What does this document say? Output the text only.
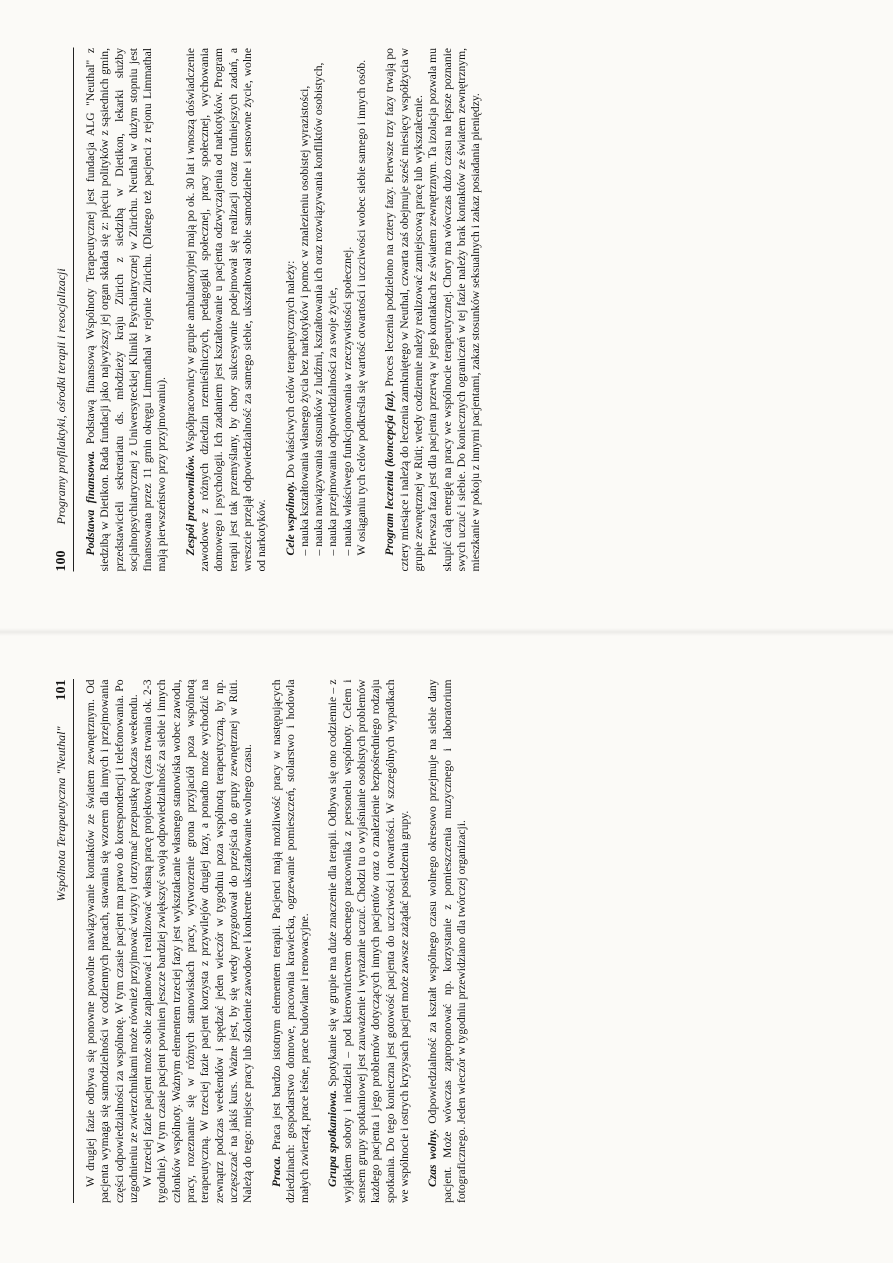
100
Programy profilaktyki, ośrodki terapii i resocjalizacji Podstawa finansowa. Podstawą finansową Wspólnoty Terapeutycznej jest fundacja ALG "Neuthal" z siedzibą w Dietikon. Rada fundacji jako najwyższy jej organ składa się z: pięciu polityków z sąsiednich gmin, przedstawicieli sekretariatu ds. młodzieży kraju Zürich z siedzibą w Dietikon, lekarki służby socjalnopsychiatrycznej z Uniwersyteckiej Kliniki Psychiatrycznej w Zürichu. Neuthal w dużym stopniu jest finansowana przez 11 gmin okręgu Limmathal w rejonie Zürichu. (Dlatego też pacjenci z rejonu Limmathal mają pierwszeństwo przy przyjmowaniu). Zespół pracowników. Współpracownicy w grupie ambulatoryjnej mają po ok. 30 lat i wnoszą doświadczenie zawodowe z różnych dziedzin rzemieślniczych, pedagogiki społecznej, pracy społecznej, wychowania domowego i psychologii. Ich zadaniem jest kształtowanie u pacjenta odzwyczajenia od narkotyków. Program terapii jest tak przemyślany, by chory sukcesywnie podejmował się realizacji coraz trudniejszych zadań, a wreszcie przejął odpowiedzialność za samego siebie, ukształtował sobie samodzielne i sensowne życie, wolne od narkotyków. Cele wspólnoty. Do właściwych celów terapeutycznych należy: – nauka kształtowania własnego życia bez narkotyków i pomoc w znalezieniu osobistej wyrazistości, – nauka nawiązywania stosunków z ludźmi, kształtowania ich oraz rozwiązywania konfliktów osobistych, – nauka przejmowania odpowiedzialności za swoje życie, – nauka właściwego funkcjonowania w rzeczywistości społecznej. W osiąganiu tych celów podkreśla się wartość otwartości i uczciwości wobec siebie samego i innych osób. Program leczenia (koncepcja faz). Proces leczenia podzielono na cztery fazy. Pierwsze trzy fazy trwają po cztery miesiące i należą do leczenia zamkniętego w Neuthal, czwarta zaś obejmuje sześć miesięcy współżycia w grupie zewnętrznej w Rüti; wtedy codziennie należy realizować zamiejscową pracę lub wykształcenie. Pierwsza faza jest dla pacjenta przerwą w jego kontaktach ze światem zewnętrznym. Ta izolacja pozwala mu skupić całą energię na pracy we wspólnocie terapeutycznej. Chory ma wówczas dużo czasu na lepsze poznanie swych uczuć i siebie. Do koniecznych ograniczeń w tej fazie należy brak kontaktów ze światem zewnętrznym, mieszkanie w pokoju z innymi pacjentami, zakaz stosunków seksualnych i zakaz posiadania pieniędzy.

Wspólnota Terapeutyczna "Neuthal"
101 W drugiej fazie odbywa się ponowne powolne nawiązywanie kontaktów ze światem zewnętrznym. Od pacjenta wymaga się samodzielności w codziennych pracach, stawania się wzorem dla innych i przejmowania części odpowiedzialności za wspólnotę. W tym czasie pacjent ma prawo do korespondencji i telefonowania. Po uzgodnieniu ze zwierzchnikami może również przyjmować wizyty i otrzymać przepustkę podczas weekendu. W trzeciej fazie pacjent może sobie zaplanować i realizować własną pracę projektową (czas trwania ok. 2-3 tygodnie). W tym czasie pacjent powinien jeszcze bardziej zwiększyć swoją odpowiedzialność za siebie i innych członków wspólnoty. Ważnym elementem trzeciej fazy jest wykształcanie własnego stanowiska wobec zawodu, pracy, rozeznanie się w różnych stanowiskach pracy, wytworzenie grona przyjaciół poza wspólnotą terapeutyczną. W trzeciej fazie pacjent korzysta z przywilejów drugiej fazy, a ponadto może wychodzić na zewnątrz podczas weekendów i spędzać jeden wieczór w tygodniu poza wspólnotą terapeutyczną, by np. uczęszczać na jakiś kurs. Ważne jest, by się wtedy przygotował do przejścia do grupy zewnętrznej w Rüti. Należą do tego: miejsce pracy lub szkolenie zawodowe i konkretne ukształtowanie wolnego czasu. Praca. Praca jest bardzo istotnym elementem terapii. Pacjenci mają możliwość pracy w następujących dziedzinach: gospodarstwo domowe, pracownia krawiecka, ogrzewanie pomieszczeń, stolarstwo i hodowla małych zwierząt, prace leśne, prace budowlane i renowacyjne. Grupa spotkaniowa. Spotykanie się w grupie ma duże znaczenie dla terapii. Odbywa się ono codziennie – z wyjątkiem soboty i niedzieli – pod kierownictwem obecnego pracownika z personelu wspólnoty. Celem i sensem grupy spotkaniowej jest zauważenie i wyrażanie uczuć. Chodzi tu o wyjaśnianie osobistych problemów każdego pacjenta i jego problemów dotyczących innych pacjentów oraz o znalezienie bezpośredniego rodzaju spotkania. Do tego konieczna jest gotowość pacjenta do uczciwości i otwartości. W szczególnych wypadkach we wspólnocie i ostrych kryzysach pacjent może zawsze zażądać posiedzenia grupy. Czas wolny. Odpowiedzialność za kształt wspólnego czasu wolnego okresowo przejmuje na siebie dany pacjent. Może wówczas zaproponować np. korzystanie z pomieszczenia muzycznego i laboratorium fotograficznego. Jeden wieczór w tygodniu przewidziano dla twórczej organizacji.
